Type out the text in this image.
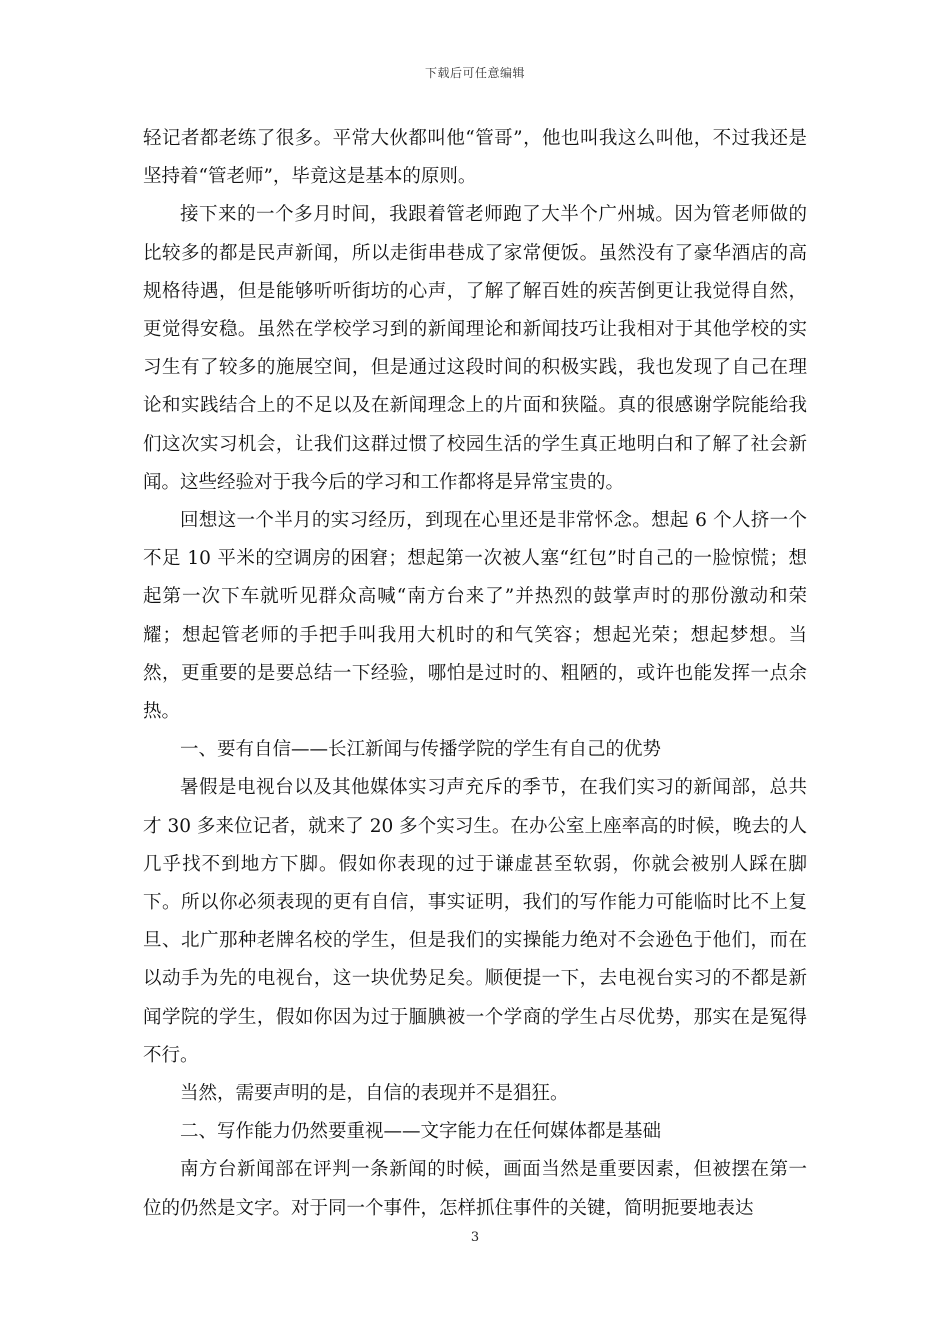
下载后可任意编辑

轻记者都老练了很多。平常大伙都叫他“管哥”，他也叫我这么叫他，不过我还是坚持着“管老师”，毕竟这是基本的原则。

接下来的一个多月时间，我跟着管老师跑了大半个广州城。因为管老师做的比较多的都是民声新闻，所以走街串巷成了家常便饭。虽然没有了豪华酒店的高规格待遇，但是能够听听街坊的心声，了解了解百姓的疾苦倒更让我觉得自然，更觉得安稳。虽然在学校学习到的新闻理论和新闻技巧让我相对于其他学校的实习生有了较多的施展空间，但是通过这段时间的积极实践，我也发现了自己在理论和实践结合上的不足以及在新闻理念上的片面和狭隘。真的很感谢学院能给我们这次实习机会，让我们这群过惯了校园生活的学生真正地明白和了解了社会新闻。这些经验对于我今后的学习和工作都将是异常宝贵的。

回想这一个半月的实习经历，到现在心里还是非常怀念。想起 6 个人挤一个不足 10 平米的空调房的困窘；想起第一次被人塞“红包”时自己的一脸惊慌；想起第一次下车就听见群众高喊“南方台来了”并热烈的鼓掌声时的那份激动和荣耀；想起管老师的手把手叫我用大机时的和气笑容；想起光荣；想起梦想。当然，更重要的是要总结一下经验，哪怕是过时的、粗陋的，或许也能发挥一点余热。

一、要有自信——长江新闻与传播学院的学生有自己的优势

暑假是电视台以及其他媒体实习声充斥的季节，在我们实习的新闻部，总共才 30 多来位记者，就来了 20 多个实习生。在办公室上座率高的时候，晚去的人几乎找不到地方下脚。假如你表现的过于谦虚甚至软弱，你就会被别人踩在脚下。所以你必须表现的更有自信，事实证明，我们的写作能力可能临时比不上复旦、北广那种老牌名校的学生，但是我们的实操能力绝对不会逊色于他们，而在以动手为先的电视台，这一块优势足矣。顺便提一下，去电视台实习的不都是新闻学院的学生，假如你因为过于腼腆被一个学商的学生占尽优势，那实在是冤得不行。

当然，需要声明的是，自信的表现并不是猖狂。

二、写作能力仍然要重视——文字能力在任何媒体都是基础

南方台新闻部在评判一条新闻的时候，画面当然是重要因素，但被摆在第一位的仍然是文字。对于同一个事件，怎样抓住事件的关键，简明扼要地表达

3
